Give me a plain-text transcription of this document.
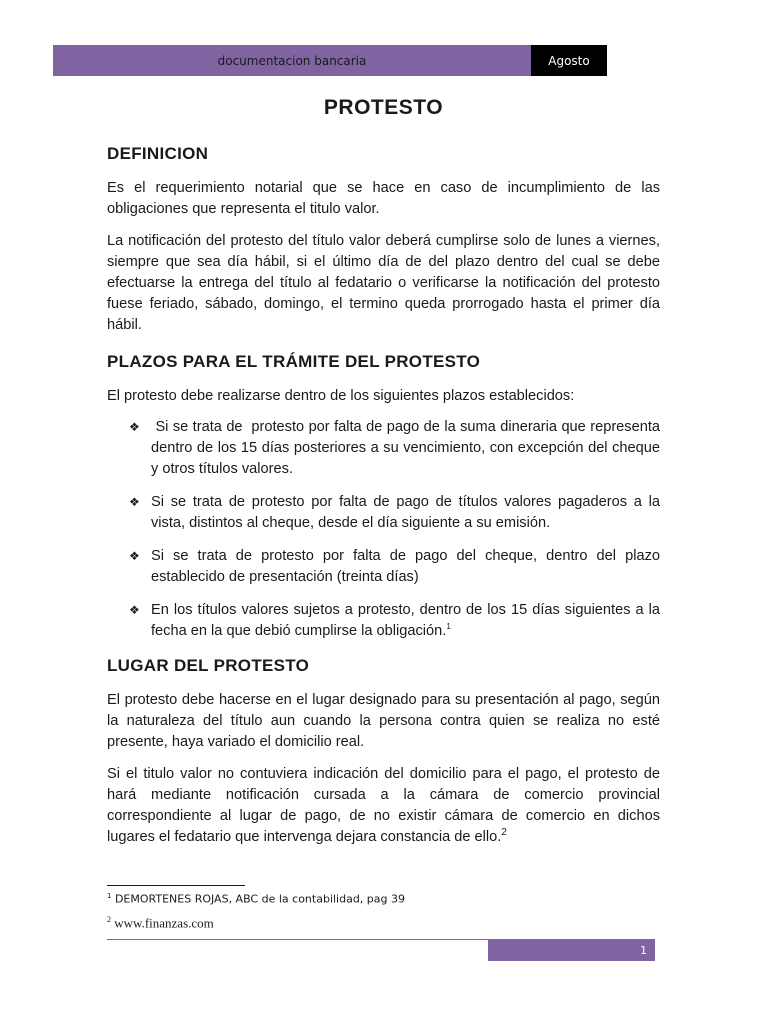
documentacion bancaria	Agosto
PROTESTO
DEFINICION

Es el requerimiento notarial que se hace en caso de incumplimiento de las obligaciones que representa el titulo valor.

La notificación del protesto del título valor deberá cumplirse solo de lunes a viernes, siempre que sea día hábil, si el último día de del plazo dentro del cual se debe efectuarse la entrega del título al fedatario o verificarse la notificación del protesto fuese feriado, sábado, domingo, el termino queda prorrogado hasta el primer día hábil.

PLAZOS PARA EL TRÁMITE DEL PROTESTO

El protesto debe realizarse dentro de los siguientes plazos establecidos:

❖ Si se trata de  protesto por falta de pago de la suma dineraria que representa  dentro de los 15 días posteriores a su vencimiento, con excepción del cheque y otros títulos valores.
❖ Si se trata de protesto por falta de pago de títulos valores pagaderos a la vista, distintos al cheque, desde el día siguiente a su emisión.
❖ Si se trata de protesto por falta de pago del cheque, dentro del plazo establecido de presentación (treinta días)
❖ En los títulos valores sujetos a protesto, dentro de los 15 días siguientes a la fecha en la que debió cumplirse la obligación.$^1$
LUGAR DEL PROTESTO

El protesto debe hacerse en el lugar designado para su presentación al pago, según la naturaleza del título aun cuando la persona contra quien se realiza no esté presente, haya variado el domicilio real.

Si el titulo valor no contuviera indicación del domicilio para el pago, el protesto de hará mediante notificación cursada a la cámara de comercio provincial correspondiente al lugar de pago, de no existir cámara de comercio en dichos lugares el fedatario que intervenga dejara constancia de ello.$^2$

$^1$ DEMORTENES ROJAS, ABC de la contabilidad, pag 39
$^2$ www.finanzas.com
1
